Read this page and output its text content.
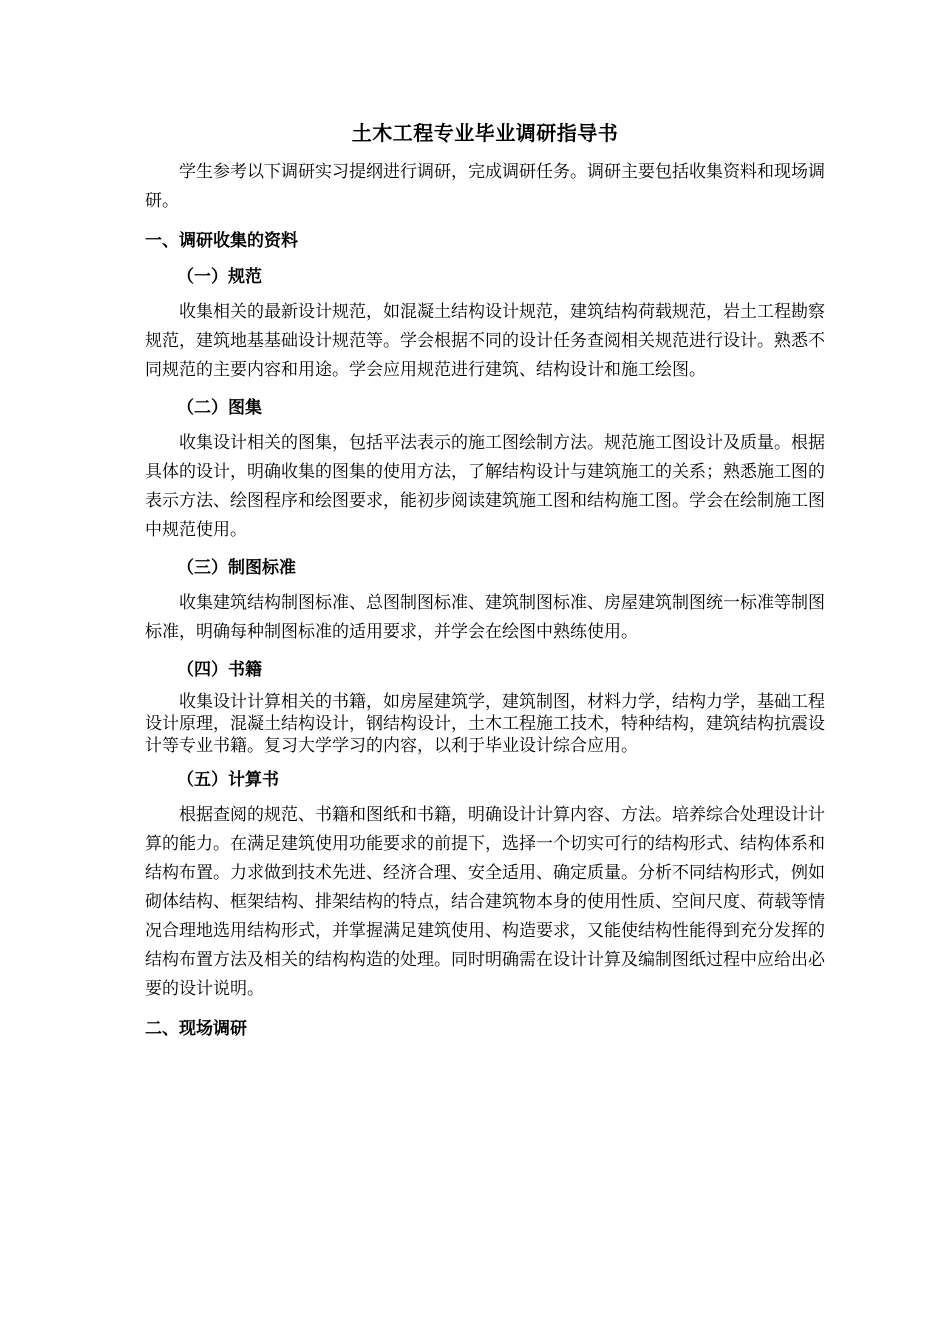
土木工程专业毕业调研指导书

学生参考以下调研实习提纲进行调研，完成调研任务。调研主要包括收集资料和现场调研。

一、调研收集的资料
（一）规范

收集相关的最新设计规范，如混凝土结构设计规范，建筑结构荷载规范，岩土工程勘察规范，建筑地基基础设计规范等。学会根据不同的设计任务查阅相关规范进行设计。熟悉不同规范的主要内容和用途。学会应用规范进行建筑、结构设计和施工绘图。

（二）图集

收集设计相关的图集，包括平法表示的施工图绘制方法。规范施工图设计及质量。根据具体的设计，明确收集的图集的使用方法，了解结构设计与建筑施工的关系；熟悉施工图的表示方法、绘图程序和绘图要求，能初步阅读建筑施工图和结构施工图。学会在绘制施工图中规范使用。

（三）制图标准

收集建筑结构制图标准、总图制图标准、建筑制图标准、房屋建筑制图统一标准等制图标准，明确每种制图标准的适用要求，并学会在绘图中熟练使用。

（四）书籍

收集设计计算相关的书籍，如房屋建筑学，建筑制图，材料力学，结构力学，基础工程设计原理，混凝土结构设计，钢结构设计，土木工程施工技术，特种结构，建筑结构抗震设计等专业书籍。复习大学学习的内容，以利于毕业设计综合应用。

（五）计算书

根据查阅的规范、书籍和图纸和书籍，明确设计计算内容、方法。培养综合处理设计计算的能力。在满足建筑使用功能要求的前提下，选择一个切实可行的结构形式、结构体系和结构布置。力求做到技术先进、经济合理、安全适用、确定质量。分析不同结构形式，例如砌体结构、框架结构、排架结构的特点，结合建筑物本身的使用性质、空间尺度、荷载等情况合理地选用结构形式，并掌握满足建筑使用、构造要求，又能使结构性能得到充分发挥的结构布置方法及相关的结构构造的处理。同时明确需在设计计算及编制图纸过程中应给出必要的设计说明。

二、现场调研
